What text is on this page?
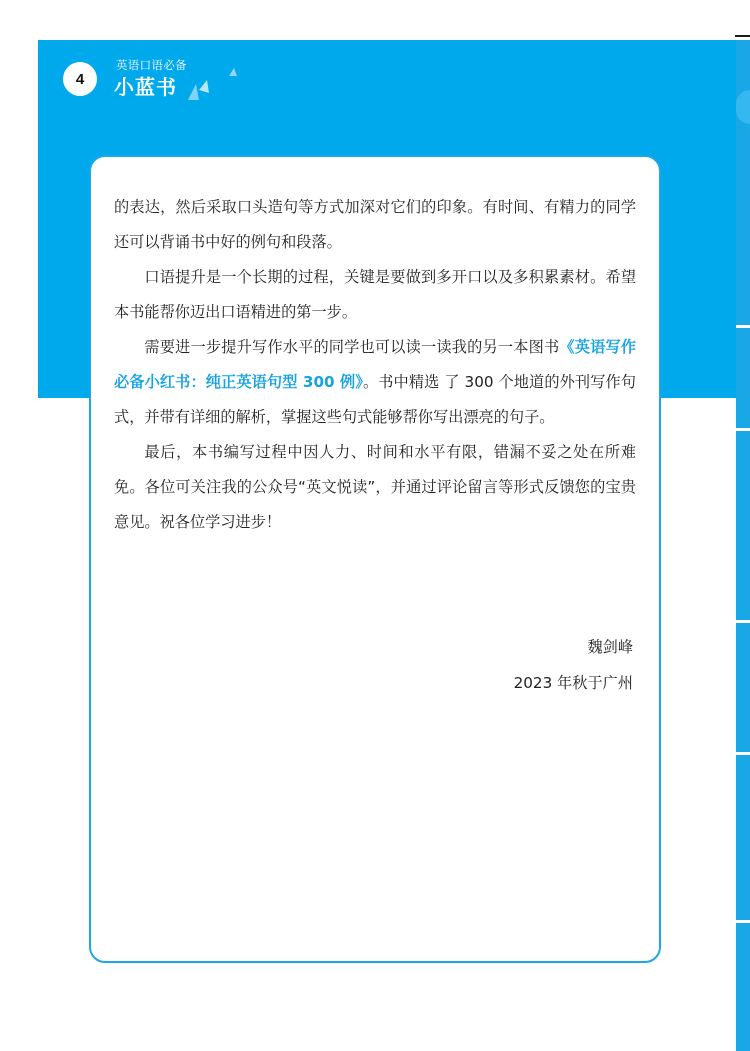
4
英语口语必备
小蓝书

的表达，然后采取口头造句等方式加深对它们的印象。有时间、有精力的同学还可以背诵书中好的例句和段落。

口语提升是一个长期的过程，关键是要做到多开口以及多积累素材。希望本书能帮你迈出口语精进的第一步。

需要进一步提升写作水平的同学也可以读一读我的另一本图书《英语写作必备小红书：纯正英语句型 300 例》。书中精选 了 300 个地道的外刊写作句式，并带有详细的解析，掌握这些句式能够帮你写出漂亮的句子。

最后，本书编写过程中因人力、时间和水平有限，错漏不妥之处在所难免。各位可关注我的公众号“英文悦读”，并通过评论留言等形式反馈您的宝贵意见。祝各位学习进步！

魏剑峰
2023 年秋于广州
